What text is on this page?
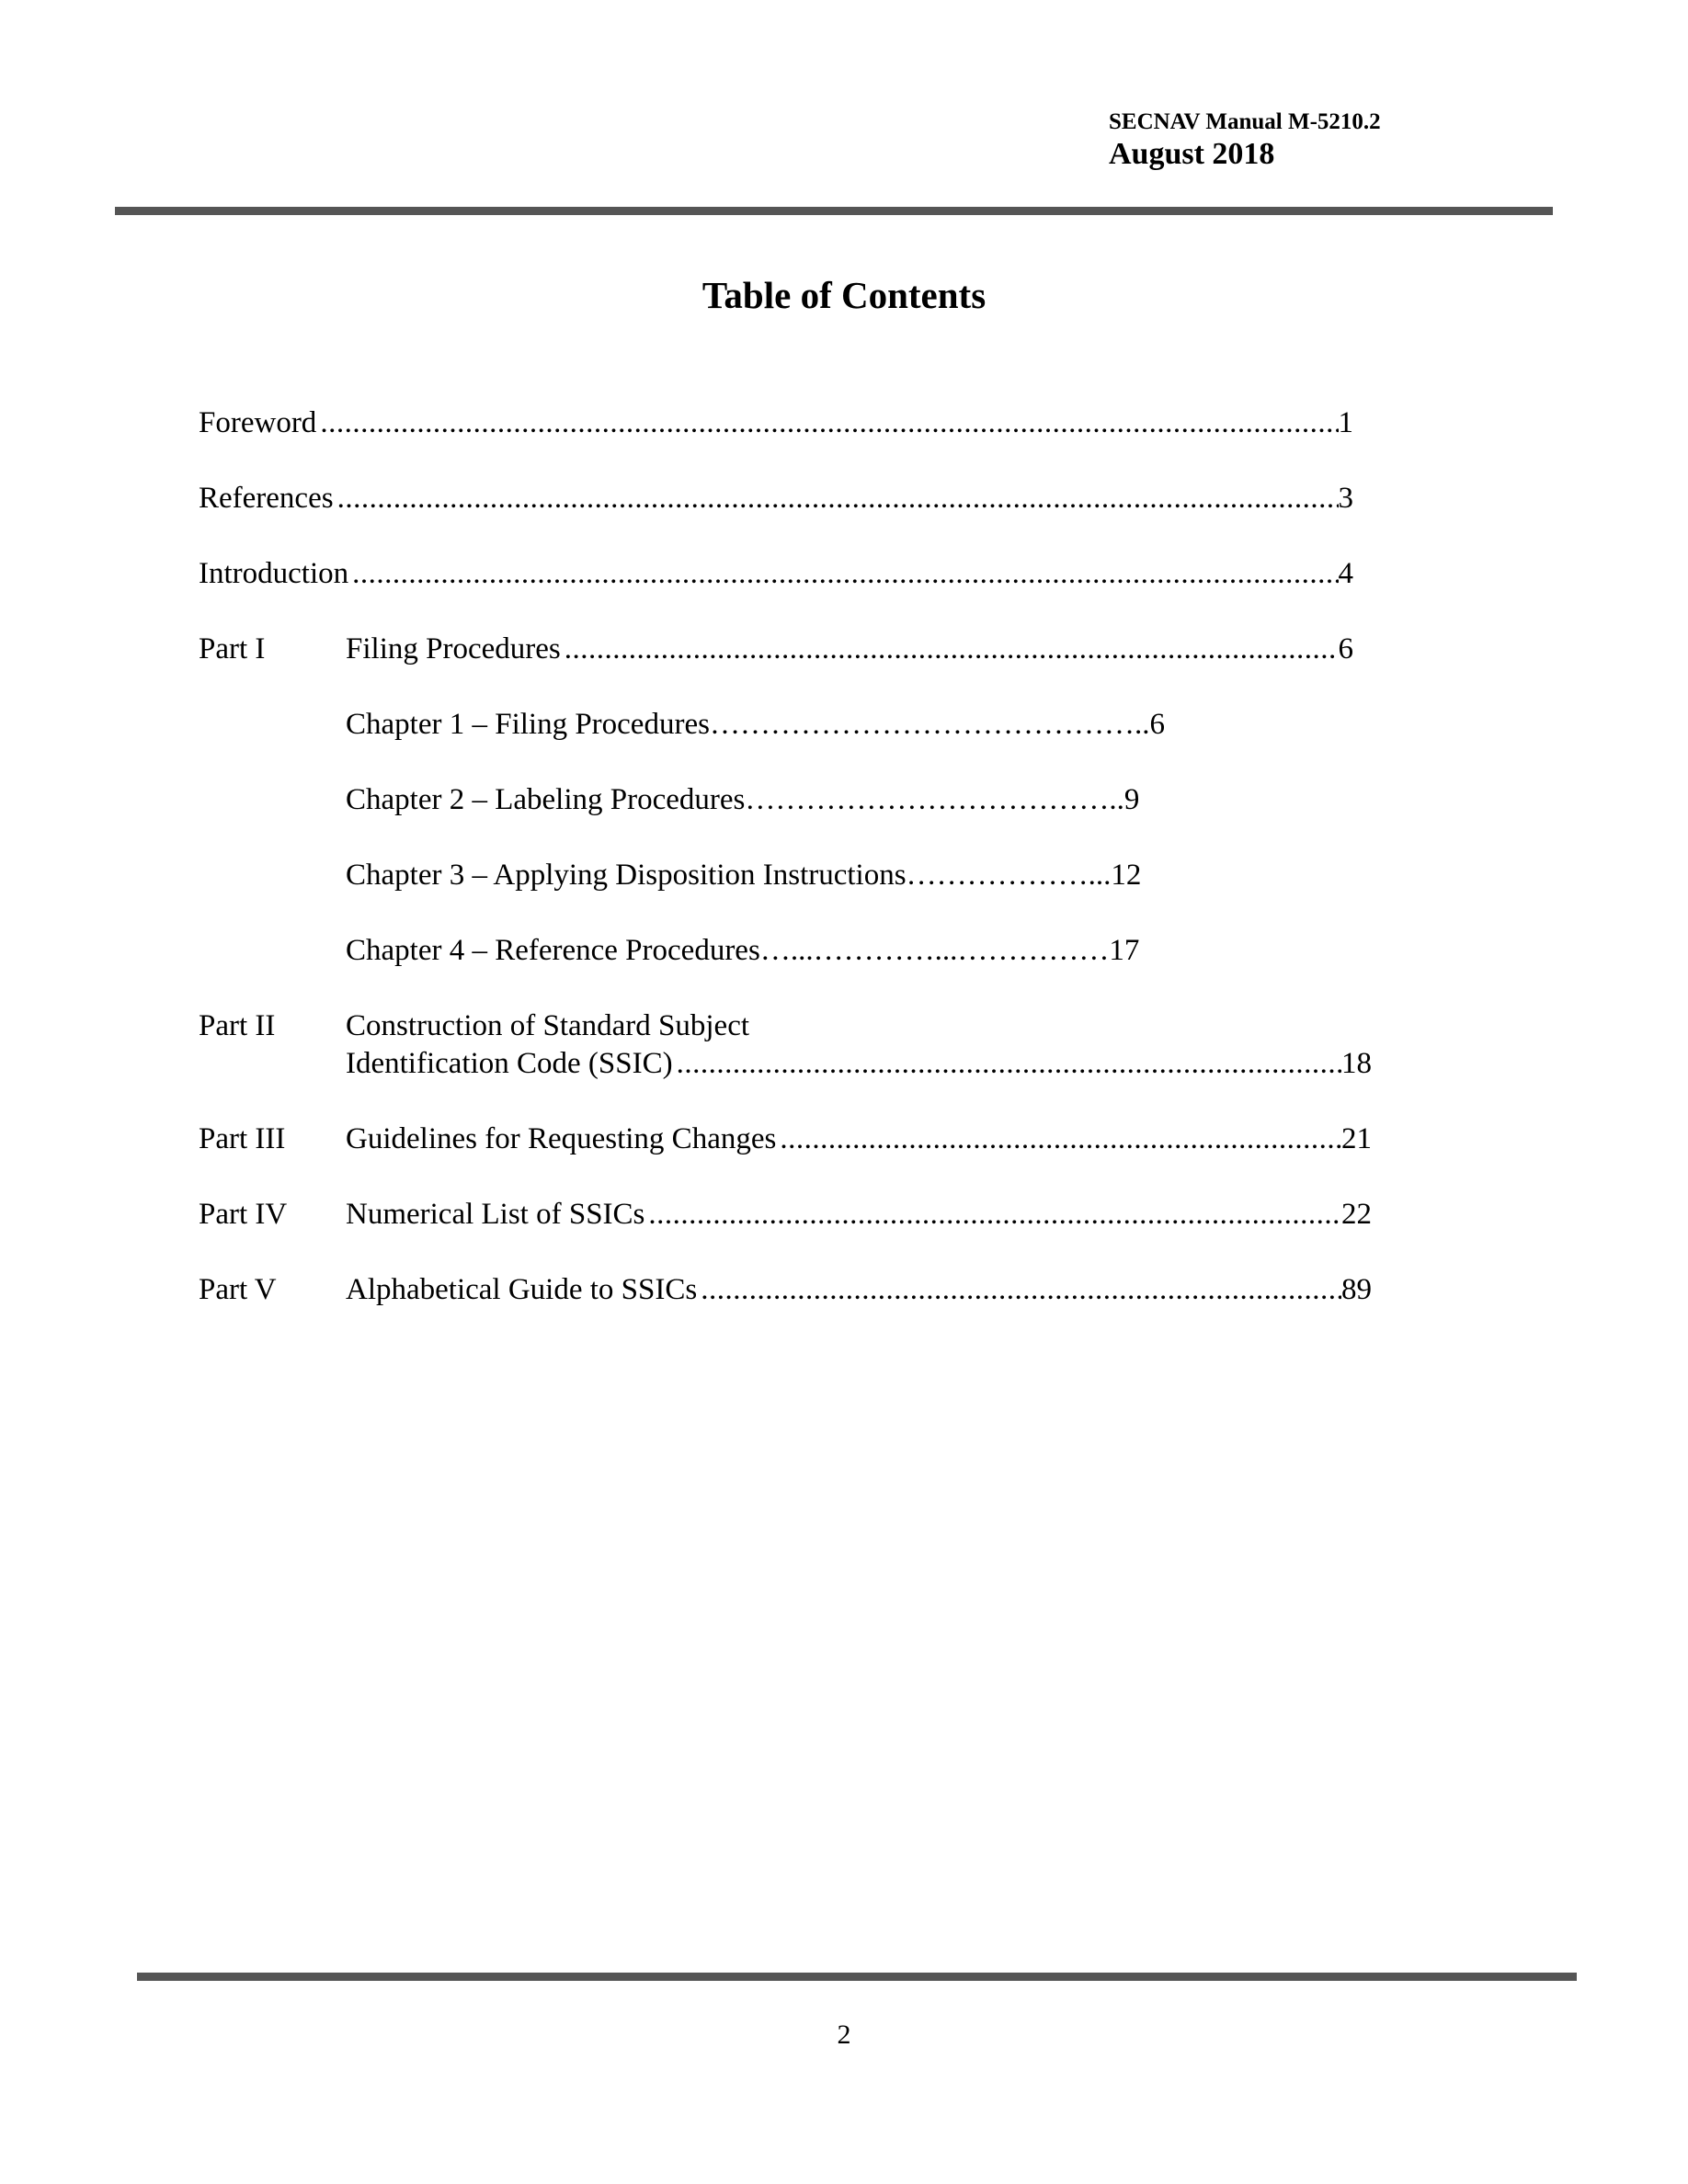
SECNAV Manual M-5210.2
August 2018
Table of Contents
Foreword .....	1
References .....	3
Introduction .....	4
Part I	Filing Procedures .....	6
Chapter 1 – Filing Procedures……………………………………..6
Chapter 2 – Labeling Procedures………………………………..9
Chapter 3 – Applying Disposition Instructions………………...12
Chapter 4 – Reference Procedures…...…………...……………17
Part II Construction of Standard Subject
Identification Code (SSIC) .....	18
Part III Guidelines for Requesting Changes .....	21
Part IV Numerical List of SSICs .....	22
Part V Alphabetical Guide to SSICs .....	89
2
